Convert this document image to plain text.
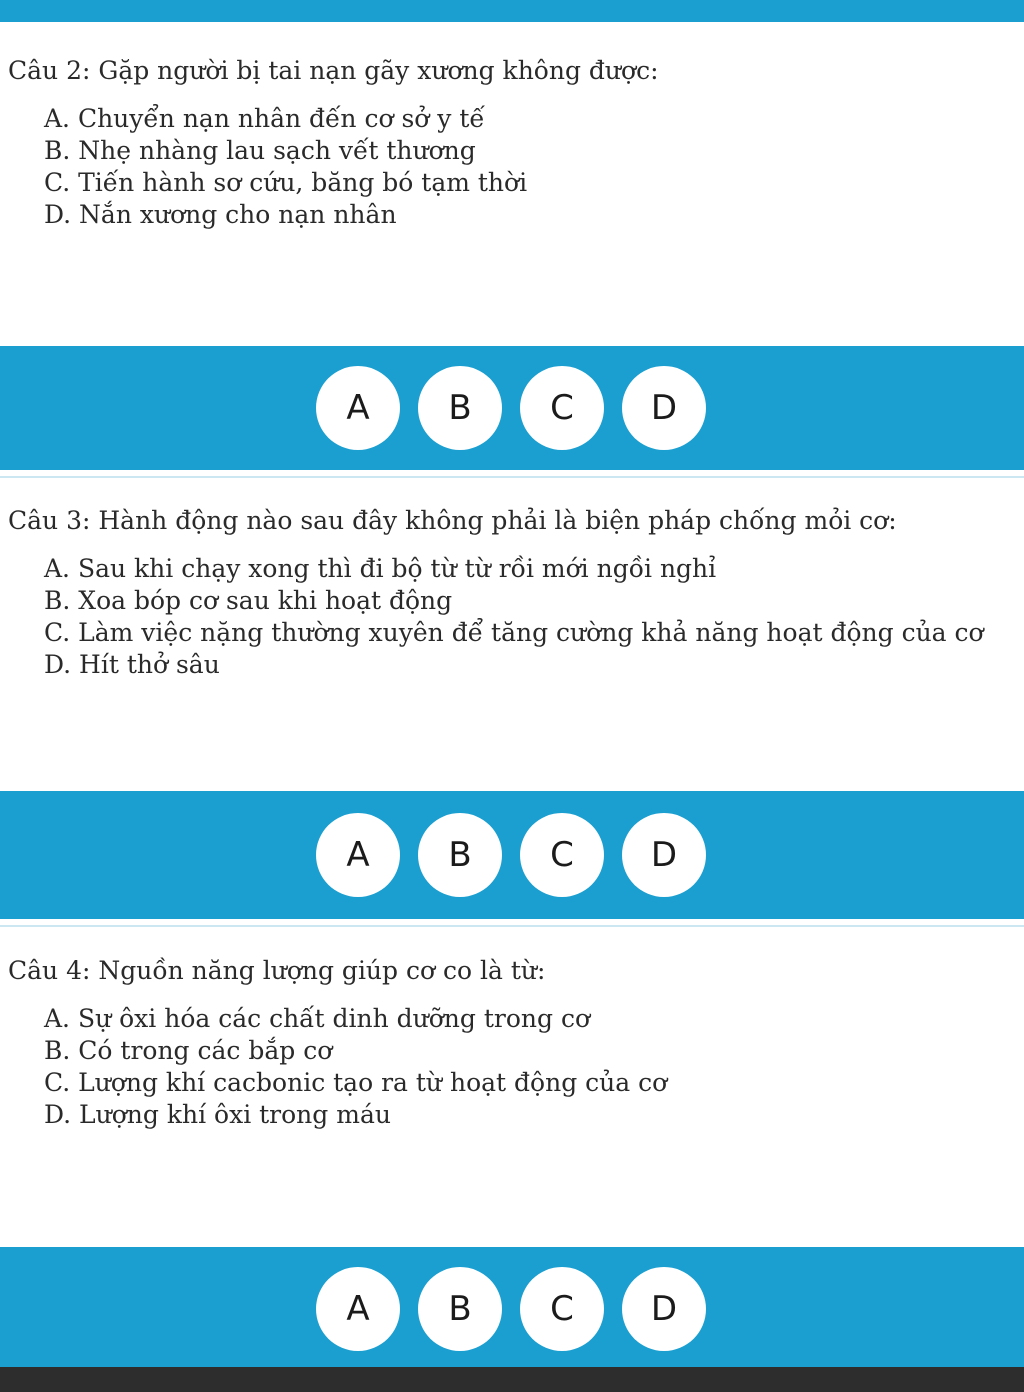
Câu 2: Gặp người bị tai nạn gãy xương không được:
A. Chuyển nạn nhân đến cơ sở y tế
B. Nhẹ nhàng lau sạch vết thương
C. Tiến hành sơ cứu, băng bó tạm thời
D. Nắn xương cho nạn nhân
A	B	C	D
Câu 3: Hành động nào sau đây không phải là biện pháp chống mỏi cơ:
A. Sau khi chạy xong thì đi bộ từ từ rồi mới ngồi nghỉ
B. Xoa bóp cơ sau khi hoạt động
C. Làm việc nặng thường xuyên để tăng cường khả năng hoạt động của cơ
D. Hít thở sâu
A	B	C	D
Câu 4: Nguồn năng lượng giúp cơ co là từ:
A. Sự ôxi hóa các chất dinh dưỡng trong cơ
B. Có trong các bắp cơ
C. Lượng khí cacbonic tạo ra từ hoạt động của cơ
D. Lượng khí ôxi trong máu
A	B	C	D
